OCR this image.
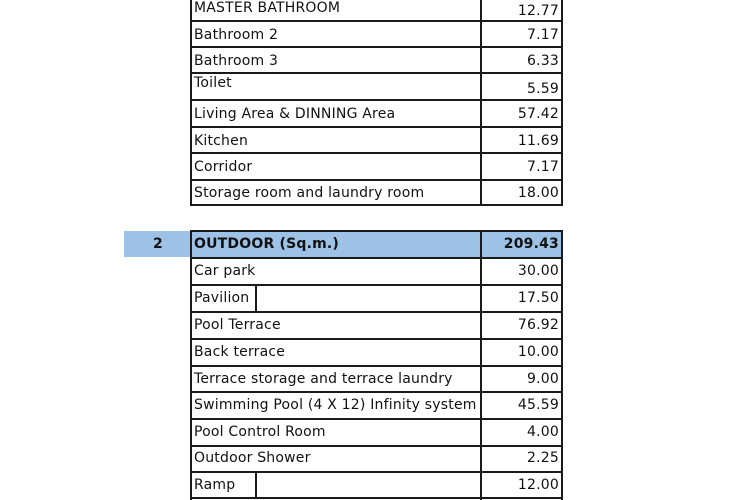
MASTER BATHROOM	12.77
Bathroom 2	7.17
Bathroom 3	6.33
Toilet	5.59
Living Area & DINNING Area	57.42
Kitchen	11.69
Corridor	7.17
Storage room and laundry room	18.00
2 OUTDOOR (Sq.m.)	209.43
Car park	30.00
Pavilion	17.50
Pool Terrace	76.92
Back terrace	10.00
Terrace storage and terrace laundry	9.00
Swimming Pool (4 X 12) Infinity system	45.59
Pool Control Room	4.00
Outdoor Shower	2.25
Ramp	12.00
